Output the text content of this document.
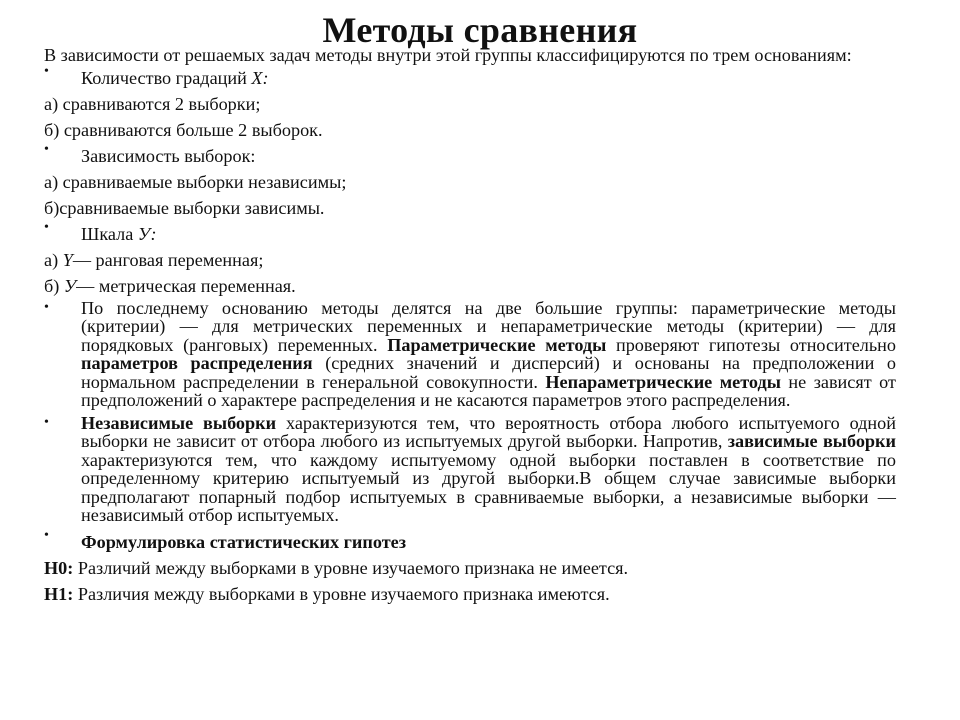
Методы сравнения

В зависимости от решаемых задач методы внутри этой группы классифицируются по трем основаниям:

• Количество градаций Х:

а) сравниваются 2 выборки;

б) сравниваются больше 2 выборок.

• Зависимость выборок:

а) сравниваемые выборки независимы;

б)сравниваемые выборки зависимы.

• Шкала У:

а) Y— ранговая переменная;

б) У— метрическая переменная.

• По последнему основанию методы делятся на две большие группы: параметрические методы (критерии) — для метрических переменных и непараметрические методы (критерии) — для порядковых (ранговых) переменных. Параметрические методы проверяют гипотезы относительно параметров распределения (средних значений и дисперсий) и основаны на предположении о нормальном распределении в генеральной совокупности. Непараметрические методы не зависят от предположений о характере распределения и не касаются параметров этого распределения.
• Независимые выборки характеризуются тем, что вероятность отбора любого испытуемого одной выборки не зависит от отбора любого из испытуемых другой выборки. Напротив, зависимые выборки характеризуются тем, что каждому испытуемому одной выборки поставлен в соответствие по определенному критерию испытуемый из другой выборки.В общем случае зависимые выборки предполагают попарный подбор испытуемых в сравниваемые выборки, а независимые выборки — независимый отбор испытуемых.
• Формулировка статистических гипотез

Н0: Различий между выборками в уровне изучаемого признака не имеется.

Н1: Различия между выборками в уровне изучаемого признака имеются.
